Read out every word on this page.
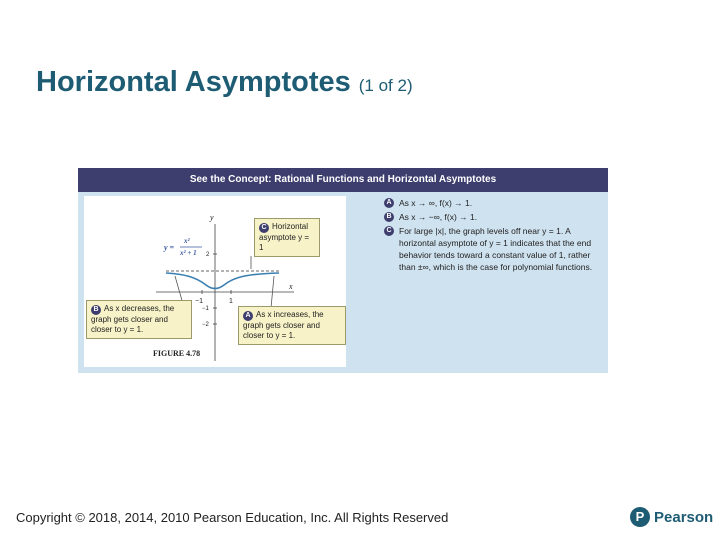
Horizontal Asymptotes (1 of 2)
See the Concept: Rational Functions and Horizontal Asymptotes
y
x
−1	1
2
−1
−2
y =
x²
x² + 1
C Horizontal asymptote y = 1
B As x decreases, the graph gets closer and closer to y = 1.
A As x increases, the graph gets closer and closer to y = 1.
FIGURE 4.78
A As x → ∞, f(x) → 1.
B As x → −∞, f(x) → 1.
C For large |x|, the graph levels off near y = 1. A horizontal asymptote of y = 1 indicates that the end behavior tends toward a constant value of 1, rather than ±∞, which is the case for polynomial functions.
Copyright © 2018, 2014, 2010 Pearson Education, Inc. All Rights Reserved	P Pearson
